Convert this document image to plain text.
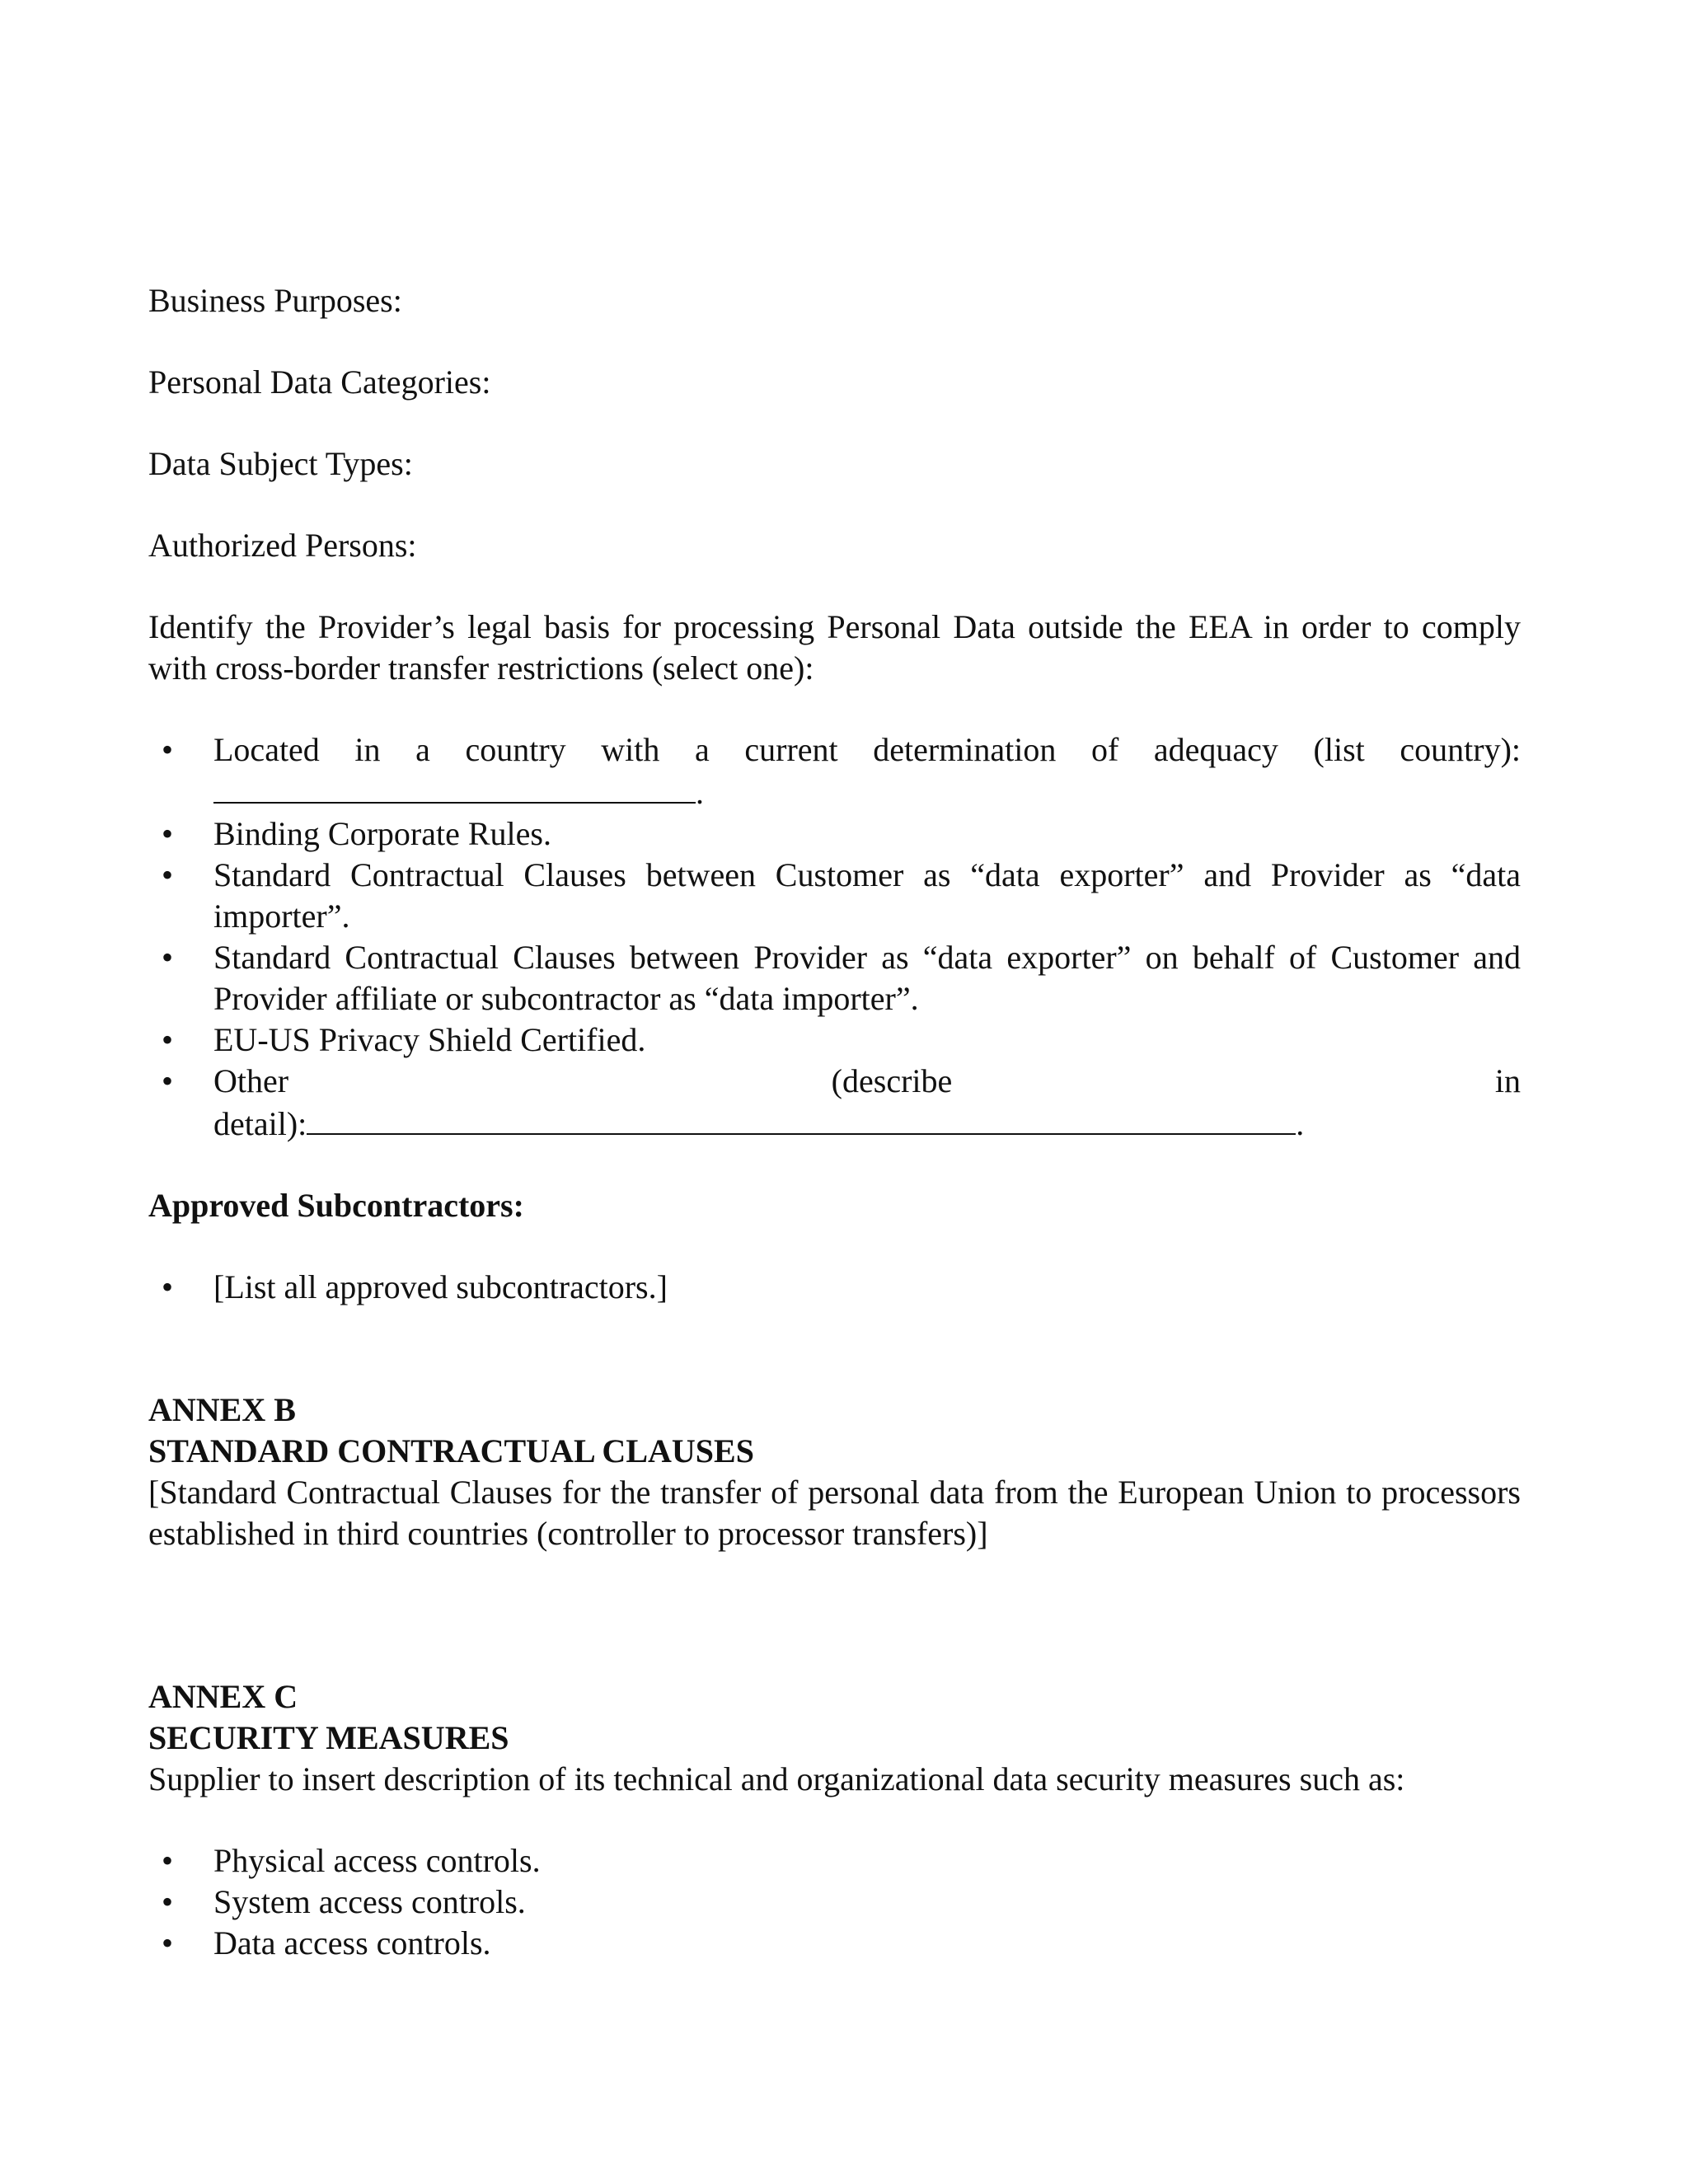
Business Purposes:
Personal Data Categories:
Data Subject Types:
Authorized Persons:
Identify the Provider’s legal basis for processing Personal Data outside the EEA in order to comply with cross-border transfer restrictions (select one):
•	Located in a country with a current determination of adequacy (list country): .
•	Binding Corporate Rules.
•	Standard Contractual Clauses between Customer as “data exporter” and Provider as “data importer”.
•	Standard Contractual Clauses between Provider as “data exporter” on behalf of Customer and Provider affiliate or subcontractor as “data importer”.
•	EU-US Privacy Shield Certified.
•	Other	(describe	in
detail):	.
Approved Subcontractors:
•	[List all approved subcontractors.]
ANNEX B
STANDARD CONTRACTUAL CLAUSES
[Standard Contractual Clauses for the transfer of personal data from the European Union to processors established in third countries (controller to processor transfers)]
ANNEX C
SECURITY MEASURES
Supplier to insert description of its technical and organizational data security measures such as:
•	Physical access controls.
•	System access controls.
•	Data access controls.
